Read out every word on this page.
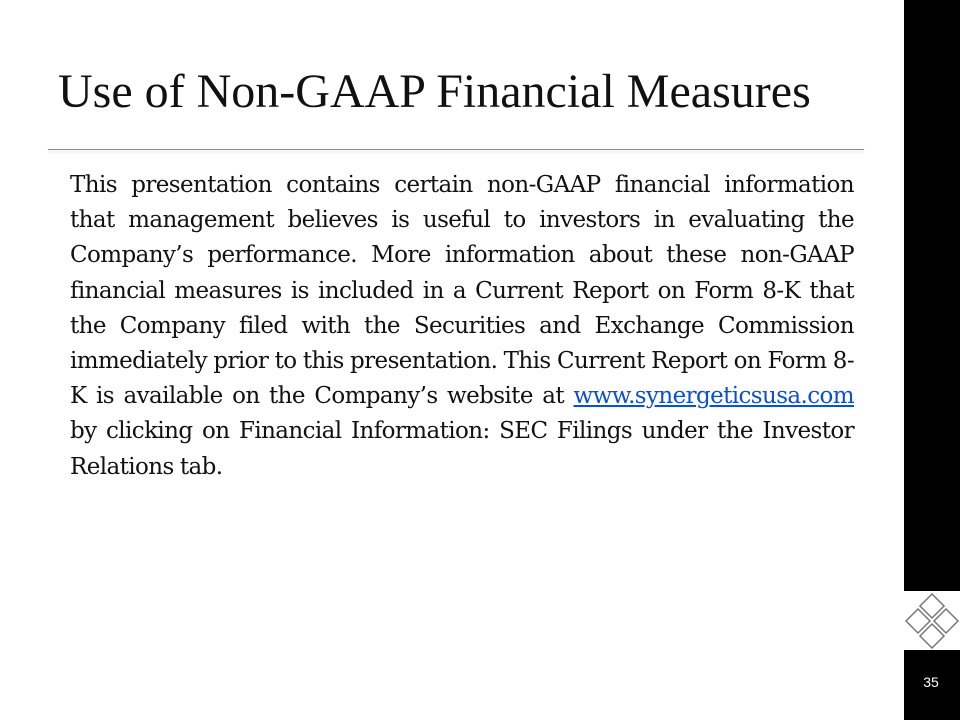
Use of Non-GAAP Financial Measures

This presentation contains certain non-GAAP financial information that management believes is useful to investors in evaluating the Company’s performance. More information about these non-GAAP financial measures is included in a Current Report on Form 8-K that the Company filed with the Securities and Exchange Commission immediately prior to this presentation. This Current Report on Form 8-K is available on the Company’s website at www.synergeticsusa.com by clicking on Financial Information: SEC Filings under the Investor Relations tab.

35
